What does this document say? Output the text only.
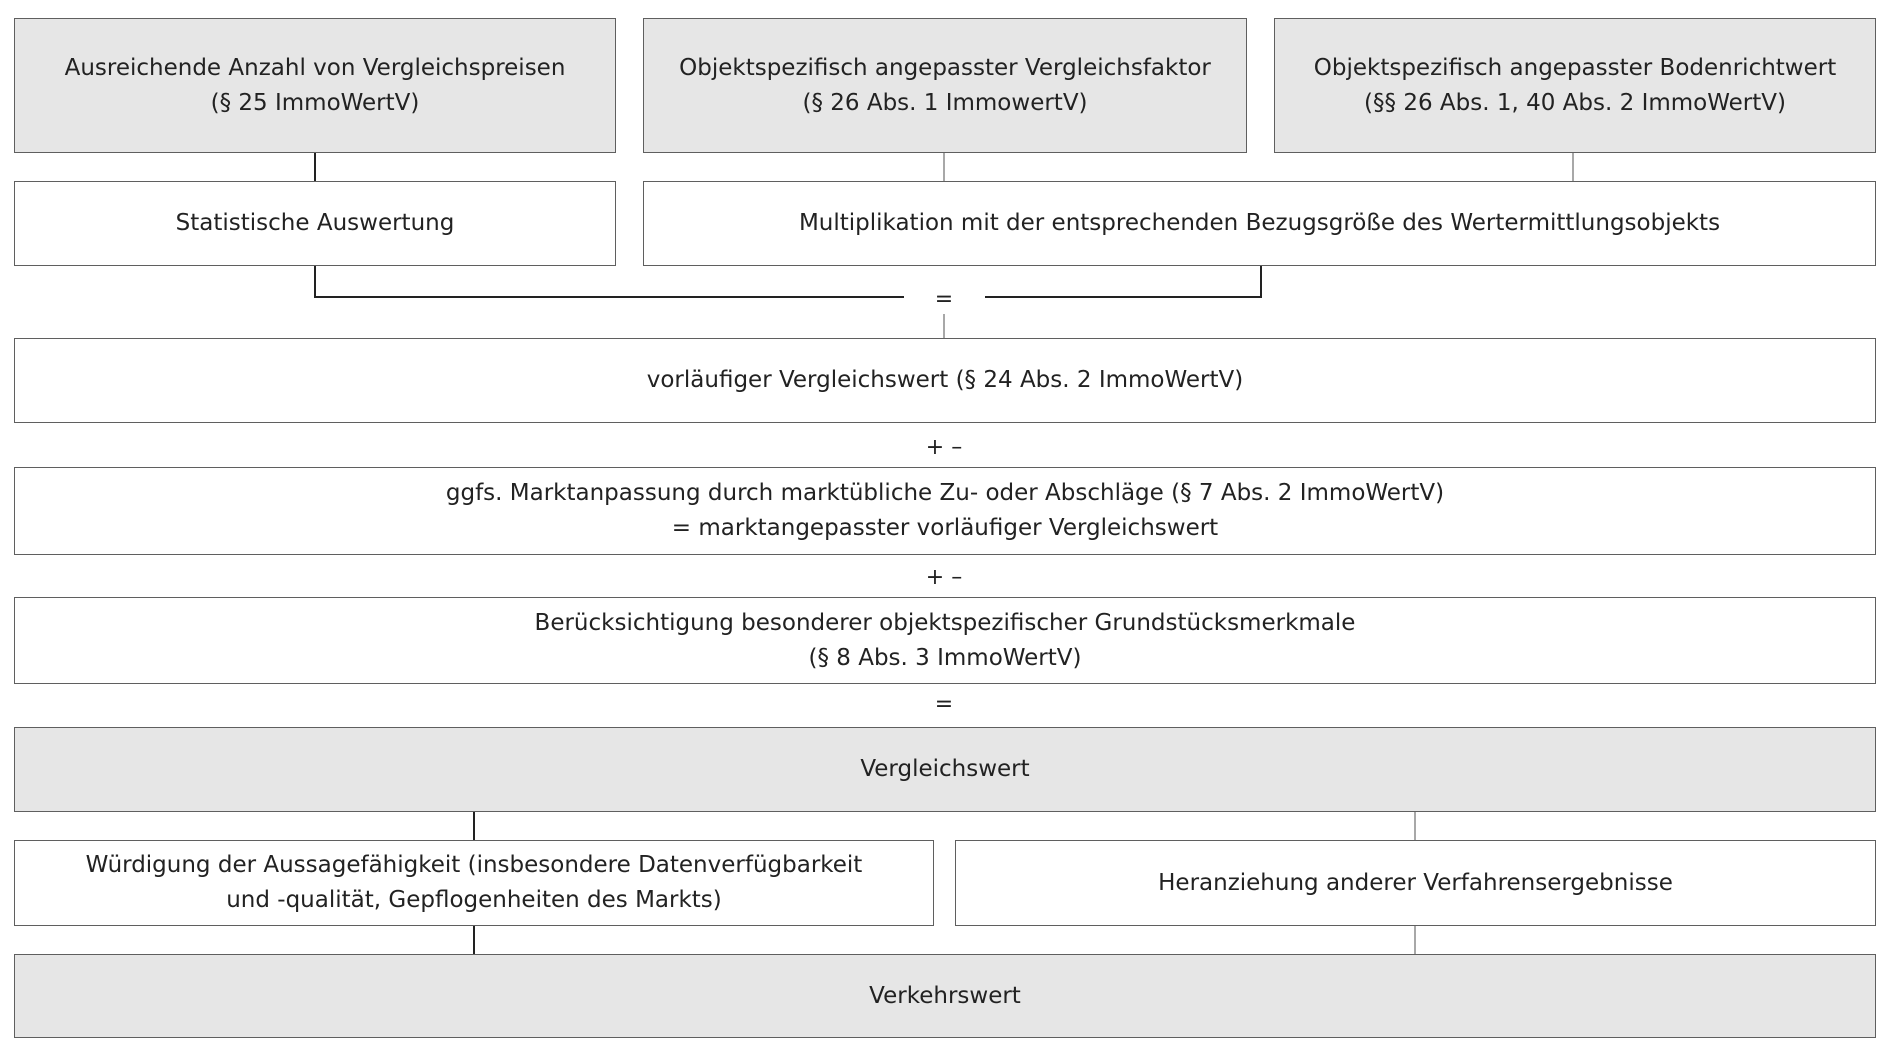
Ausreichende Anzahl von Vergleichspreisen
(§ 25 ImmoWertV)
Objektspezifisch angepasster Vergleichsfaktor
(§ 26 Abs. 1 ImmowertV)
Objektspezifisch angepasster Bodenrichtwert
(§§ 26 Abs. 1, 40 Abs. 2 ImmoWertV)
Statistische Auswertung	Multiplikation mit der entsprechenden Bezugsgröße des Wertermittlungsobjekts
=
vorläufiger Vergleichswert (§ 24 Abs. 2 ImmoWertV)
+ –
ggfs. Marktanpassung durch marktübliche Zu- oder Abschläge (§ 7 Abs. 2 ImmoWertV)
= marktangepasster vorläufiger Vergleichswert
+ –
Berücksichtigung besonderer objektspezifischer Grundstücksmerkmale
(§ 8 Abs. 3 ImmoWertV)
=
Vergleichswert
Würdigung der Aussagefähigkeit (insbesondere Datenverfügbarkeit
und -qualität, Gepflogenheiten des Markts)
Heranziehung anderer Verfahrensergebnisse
Verkehrswert
